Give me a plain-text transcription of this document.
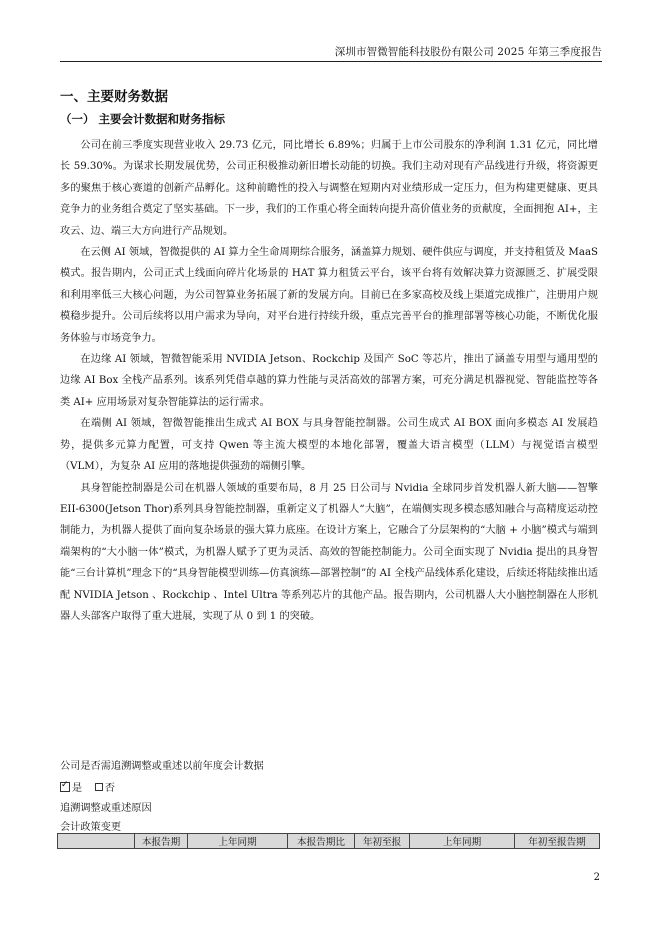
深圳市智微智能科技股份有限公司 2025 年第三季度报告
一、主要财务数据
（一） 主要会计数据和财务指标

公司在前三季度实现营业收入 29.73 亿元，同比增长 6.89%；归属于上市公司股东的净利润 1.31 亿元，同比增长 59.30%。为谋求长期发展优势，公司正积极推动新旧增长动能的切换。我们主动对现有产品线进行升级，将资源更多的聚焦于核心赛道的创新产品孵化。这种前瞻性的投入与调整在短期内对业绩形成一定压力，但为构建更健康、更具竞争力的业务组合奠定了坚实基础。下一步，我们的工作重心将全面转向提升高价值业务的贡献度，全面拥抱 AI+，主攻云、边、端三大方向进行产品规划。

在云侧 AI 领域，智微提供的 AI 算力全生命周期综合服务，涵盖算力规划、硬件供应与调度，并支持租赁及 MaaS 模式。报告期内，公司正式上线面向碎片化场景的 HAT 算力租赁云平台，该平台将有效解决算力资源匮乏、扩展受限和利用率低三大核心问题，为公司智算业务拓展了新的发展方向。目前已在多家高校及线上渠道完成推广，注册用户规模稳步提升。公司后续将以用户需求为导向，对平台进行持续升级，重点完善平台的推理部署等核心功能，不断优化服务体验与市场竞争力。

在边缘 AI 领域，智微智能采用 NVIDIA Jetson、Rockchip 及国产 SoC 等芯片，推出了涵盖专用型与通用型的边缘 AI Box 全栈产品系列。该系列凭借卓越的算力性能与灵活高效的部署方案，可充分满足机器视觉、智能监控等各类 AI+ 应用场景对复杂智能算法的运行需求。

在端侧 AI 领域，智微智能推出生成式 AI BOX 与具身智能控制器。公司生成式 AI BOX 面向多模态 AI 发展趋势，提供多元算力配置，可支持 Qwen 等主流大模型的本地化部署，覆盖大语言模型（LLM）与视觉语言模型（VLM），为复杂 AI 应用的落地提供强劲的端侧引擎。

具身智能控制器是公司在机器人领域的重要布局，8 月 25 日公司与 Nvidia 全球同步首发机器人新大脑——智擎 EII-6300(Jetson Thor)系列具身智能控制器，重新定义了机器人“大脑”，在端侧实现多模态感知融合与高精度运动控制能力，为机器人提供了面向复杂场景的强大算力底座。在设计方案上，它融合了分层架构的“大脑 + 小脑”模式与端到端架构的“大小脑一体”模式，为机器人赋予了更为灵活、高效的智能控制能力。公司全面实现了 Nvidia 提出的具身智能“三台计算机”理念下的“具身智能模型训练—仿真演练—部署控制”的 AI 全栈产品线体系化建设，后续还将陆续推出适配 NVIDIA Jetson 、Rockchip 、Intel Ultra 等系列芯片的其他产品。报告期内，公司机器人大小脑控制器在人形机器人头部客户取得了重大进展，实现了从 0 到 1 的突破。

公司是否需追溯调整或重述以前年度会计数据
✓是 否
追溯调整或重述原因
	本报告期	上年同期	本报告期比	年初至报	上年同期	年初至报告期
会计政策变更
2
